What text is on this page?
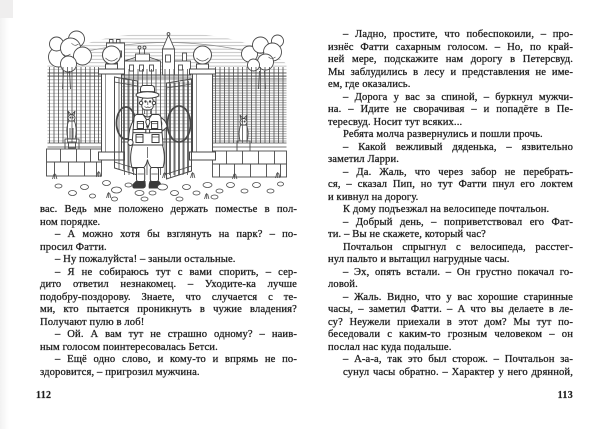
вас. Ведь мне положено держать поместье в пол-
ном порядке.
– А можно хотя бы взглянуть на парк? – по-
просил Фатти.
– Ну пожалуйста! – заныли остальные.
– Я не собираюсь тут с вами спорить, – сер-
дито ответил незнакомец. – Уходите-ка лучше
подобру-поздорову. Знаете, что случается с те-
ми, кто пытается проникнуть в чужие владения?
Получают пулю в лоб!
– Ой. А вам тут не страшно одному? – наив-
ным голосом поинтересовалась Бетси.
– Ещё одно слово, и кому-то и впрямь не по-
здоровится, – пригрозил мужчина.
– Ладно, простите, что побеспокоили, – про-
изнёс Фатти сахарным голосом. – Но, по край-
ней мере, подскажите нам дорогу в Петерсвуд.
Мы заблудились в лесу и представления не име-
ем, где оказались.
– Дорога у вас за спиной, – буркнул мужчи-
на. – Идите не сворачивая – и попадёте в Пе-
тересвуд. Носит тут всяких...
Ребята молча развернулись и пошли прочь.
– Какой вежливый дяденька, – язвительно
заметил Ларри.
– Да. Жаль, что через забор не перебрать-
ся, – сказал Пип, но тут Фатти пнул его локтем
и кивнул на дорогу.
К дому подъезжал на велосипеде почтальон.
– Добрый день, – поприветствовал его Фат-
ти. – Вы не скажете, который час?
Почтальон спрыгнул с велосипеда, расстег-
нул пальто и вытащил нагрудные часы.
– Эх, опять встали. – Он грустно покачал го-
ловой.
– Жаль. Видно, что у вас хорошие старинные
часы, – заметил Фатти. – А что вы делаете в ле-
су? Неужели приехали в этот дом? Мы тут по-
беседовали с каким-то грозным человеком – он
послал нас куда подальше.
– А-а-а, так это был сторож. – Почтальон за-
сунул часы обратно. – Характер у него дрянной,
112	113
